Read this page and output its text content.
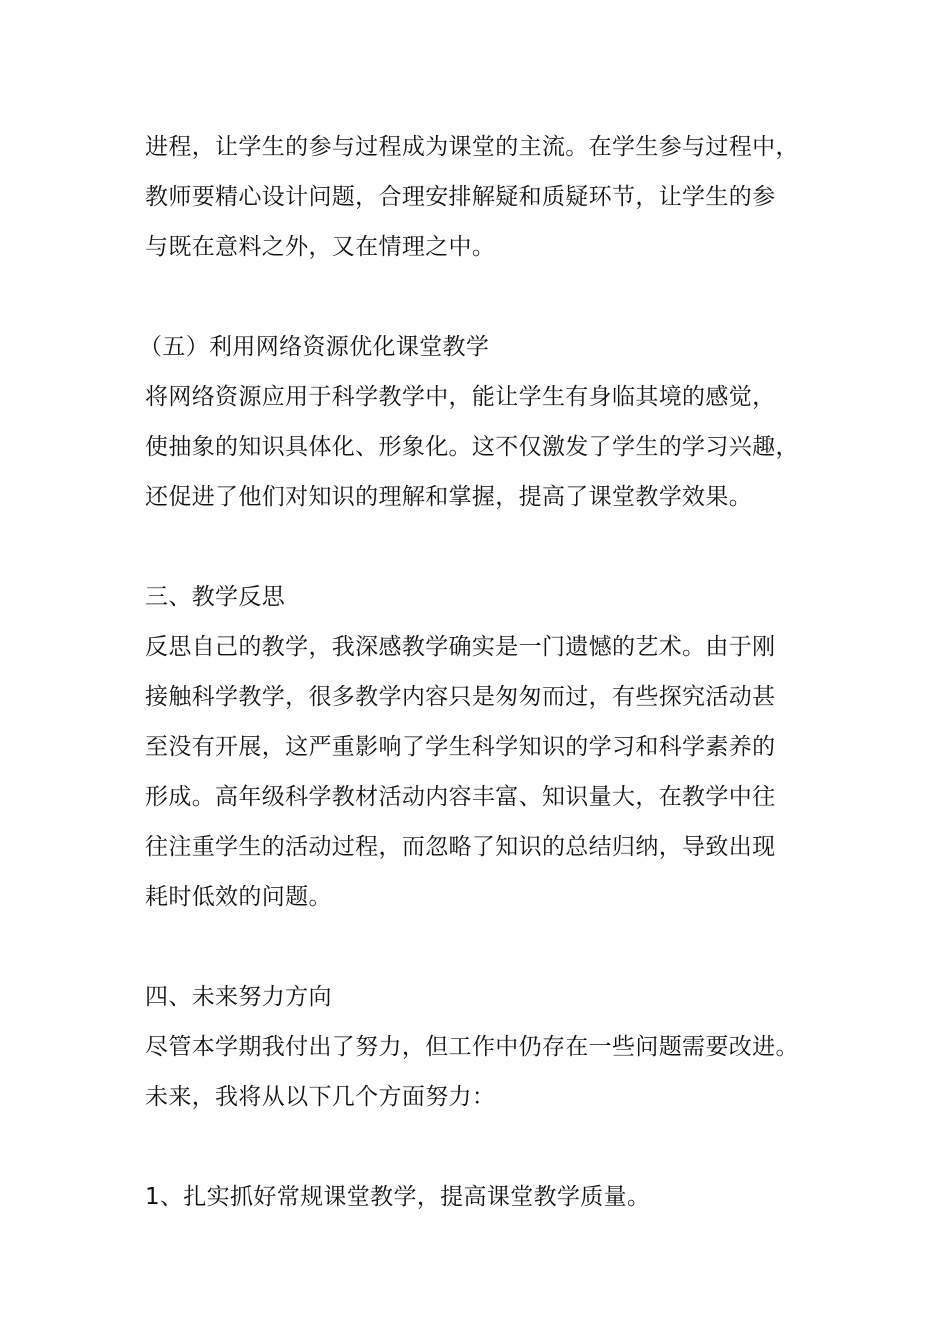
进程，让学生的参与过程成为课堂的主流。在学生参与过程中，
教师要精心设计问题，合理安排解疑和质疑环节，让学生的参
与既在意料之外，又在情理之中。
（五）利用网络资源优化课堂教学
将网络资源应用于科学教学中，能让学生有身临其境的感觉，
使抽象的知识具体化、形象化。这不仅激发了学生的学习兴趣，
还促进了他们对知识的理解和掌握，提高了课堂教学效果。
三、教学反思
反思自己的教学，我深感教学确实是一门遗憾的艺术。由于刚
接触科学教学，很多教学内容只是匆匆而过，有些探究活动甚
至没有开展，这严重影响了学生科学知识的学习和科学素养的
形成。高年级科学教材活动内容丰富、知识量大，在教学中往
往注重学生的活动过程，而忽略了知识的总结归纳，导致出现
耗时低效的问题。
四、未来努力方向
尽管本学期我付出了努力，但工作中仍存在一些问题需要改进。
未来，我将从以下几个方面努力：
1、扎实抓好常规课堂教学，提高课堂教学质量。
